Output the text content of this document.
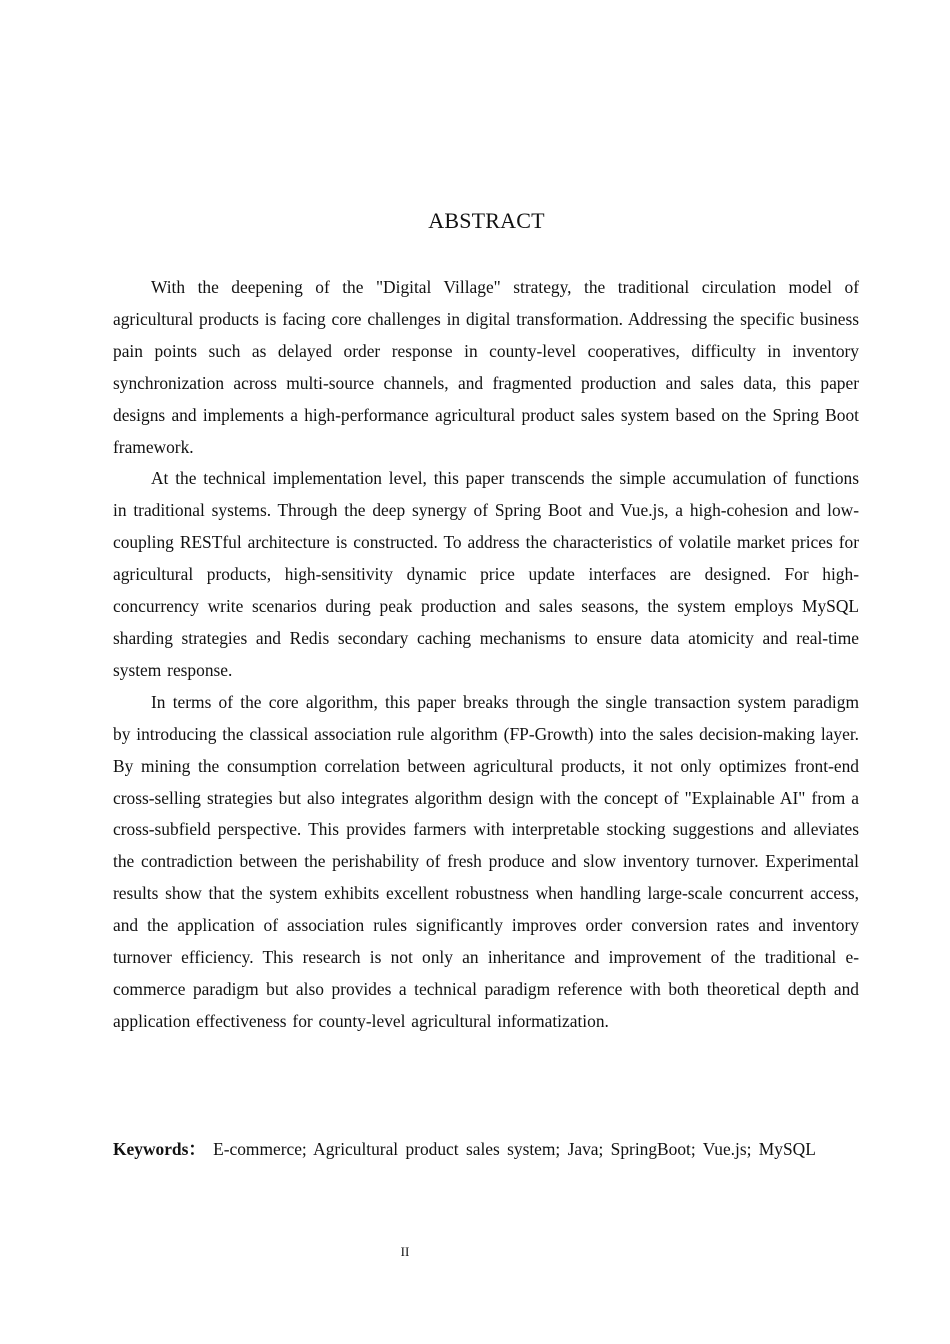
ABSTRACT

With the deepening of the "Digital Village" strategy, the traditional circulation model of agricultural products is facing core challenges in digital transformation. Addressing the specific business pain points such as delayed order response in county-level cooperatives, difficulty in inventory synchronization across multi-source channels, and fragmented production and sales data, this paper designs and implements a high-performance agricultural product sales system based on the Spring Boot framework.

At the technical implementation level, this paper transcends the simple accumulation of functions in traditional systems. Through the deep synergy of Spring Boot and Vue.js, a high-cohesion and low-coupling RESTful architecture is constructed. To address the characteristics of volatile market prices for agricultural products, high-sensitivity dynamic price update interfaces are designed. For high-concurrency write scenarios during peak production and sales seasons, the system employs MySQL sharding strategies and Redis secondary caching mechanisms to ensure data atomicity and real-time system response.

In terms of the core algorithm, this paper breaks through the single transaction system paradigm by introducing the classical association rule algorithm (FP-Growth) into the sales decision-making layer. By mining the consumption correlation between agricultural products, it not only optimizes front-end cross-selling strategies but also integrates algorithm design with the concept of "Explainable AI" from a cross-subfield perspective. This provides farmers with interpretable stocking suggestions and alleviates the contradiction between the perishability of fresh produce and slow inventory turnover. Experimental results show that the system exhibits excellent robustness when handling large-scale concurrent access, and the application of association rules significantly improves order conversion rates and inventory turnover efficiency. This research is not only an inheritance and improvement of the traditional e-commerce paradigm but also provides a technical paradigm reference with both theoretical depth and application effectiveness for county-level agricultural informatization.

Keywords： E-commerce; Agricultural product sales system; Java; SpringBoot; Vue.js; MySQL

II
